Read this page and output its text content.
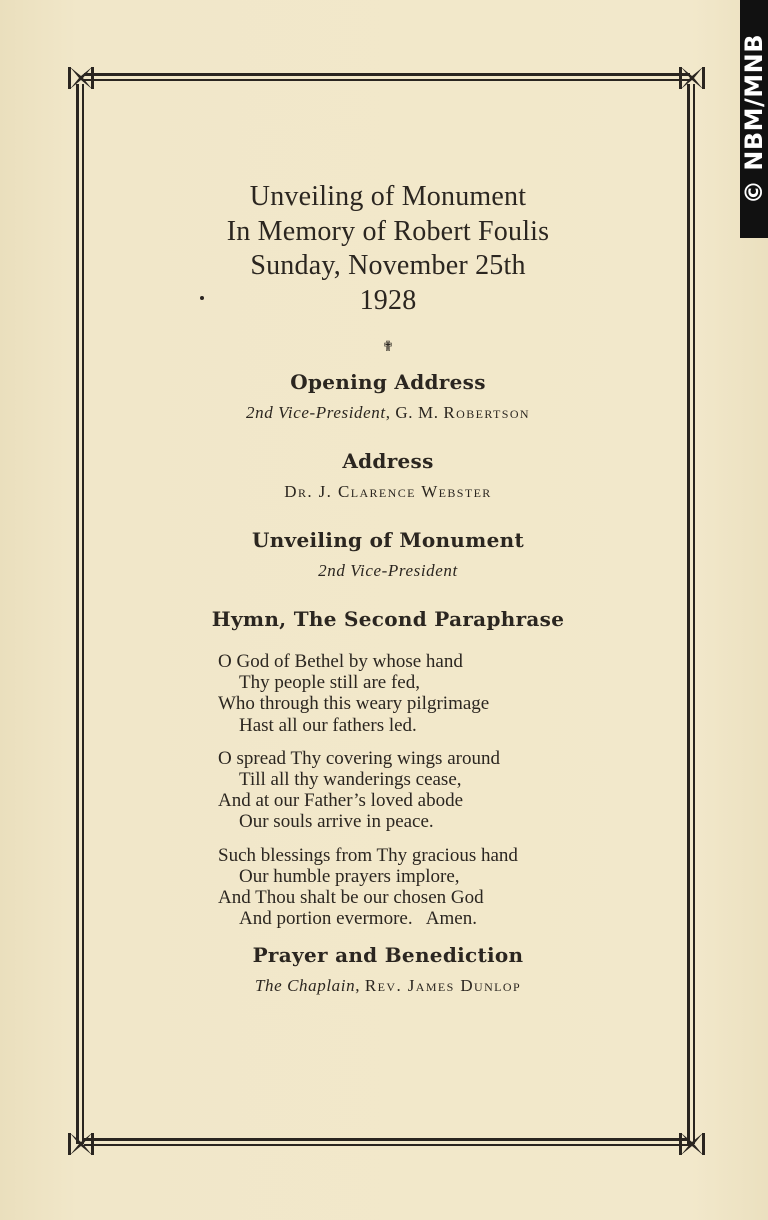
© NBM/MNB
Unveiling of Monument
In Memory of Robert Foulis
Sunday, November 25th
1928
✟
Opening Address
2nd Vice-President, G. M. Robertson
Address
Dr. J. Clarence Webster
Unveiling of Monument
2nd Vice-President
Hymn, The Second Paraphrase
O God of Bethel by whose hand
Thy people still are fed,
Who through this weary pilgrimage
Hast all our fathers led.
O spread Thy covering wings around
Till all thy wanderings cease,
And at our Father’s loved abode
Our souls arrive in peace.
Such blessings from Thy gracious hand
Our humble prayers implore,
And Thou shalt be our chosen God
And portion evermore.   Amen.
Prayer and Benediction
The Chaplain, Rev. James Dunlop
